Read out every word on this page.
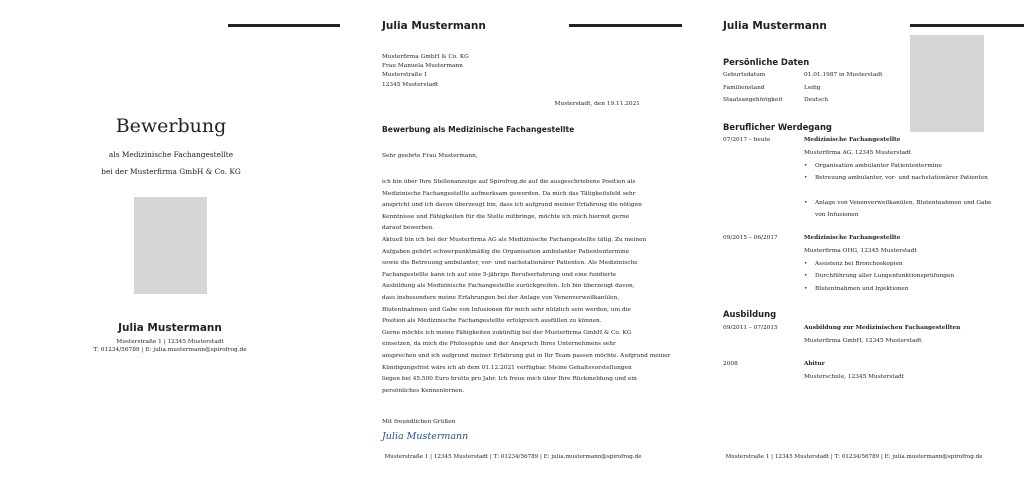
Bewerbung
als Medizinische Fachangestellte
bei der Musterfirma GmbH & Co. KG
Julia Mustermann
Musterstraße 1 | 12345 Musterstadt
T: 01234/56789 | E: julia.mustermann@spirofrog.de
Julia Mustermann
Musterfirma GmbH & Co. KG
Frau Manuela Mustermann
Musterstraße 1
12345 Musterstadt
Musterstadt, den 19.11.2021
Bewerbung als Medizinische Fachangestellte
Sehr geehrte Frau Mustermann,
ich bin über Ihre Stellenanzeige auf Spirofrog.de auf die ausgeschriebene Position als
Medizinische Fachangestellte aufmerksam geworden. Da mich das Tätigkeitsfeld sehr
anspricht und ich davon überzeugt bin, dass ich aufgrund meiner Erfahrung die nötigen
Kenntnisse und Fähigkeiten für die Stelle mitbringe, möchte ich mich hiermit gerne
darauf bewerben.
Aktuell bin ich bei der Musterfirma AG als Medizinische Fachangestellte tätig. Zu meinen
Aufgaben gehört schwerpunktmäßig die Organisation ambulanter Patiententermine
sowie die Betreuung ambulanter, vor- und nachstationärer Patienten. Als Medizinische
Fachangestellte kann ich auf eine 5-jährige Berufserfahrung und eine fundierte
Ausbildung als Medizinische Fachangestellte zurückgreifen. Ich bin überzeugt davon,
dass insbesondere meine Erfahrungen bei der Anlage von Venenverweilkanülen,
Blutentnahmen und Gabe von Infusionen für mich sehr nützlich sein werden, um die
Position als Medizinische Fachangestellte erfolgreich ausfüllen zu können.
Gerne möchte ich meine Fähigkeiten zukünftig bei der Musterfirma GmbH & Co. KG
einsetzen, da mich die Philosophie und der Anspruch Ihres Unternehmens sehr
ansprechen und ich aufgrund meiner Erfahrung gut in Ihr Team passen möchte. Aufgrund meiner
Kündigungsfrist wäre ich ab dem 01.12.2021 verfügbar. Meine Gehaltsvorstellungen
liegen bei 45.500 Euro brutto pro Jahr. Ich freue mich über Ihre Rückmeldung und ein
persönliches Kennenlernen.
Mit freundlichen Grüßen
Julia Mustermann
Musterstraße 1 | 12345 Musterstadt | T: 01234/56789 | E: julia.mustermann@spirofrog.de
Julia Mustermann
Persönliche Daten
Geburtsdatum	01.01.1987 in Musterstadt
Familienstand	Ledig
Staatsangehörigkeit	Deutsch
Beruflicher Werdegang
07/2017 – heute	Medizinische Fachangestellte
Musterfirma AG, 12345 Musterstadt
• Organisation ambulanter Patiententermine
• Betreuung ambulanter, vor- und nachstationärer Patienten
• Anlage von Venenverweilkanülen, Blutentnahmen und Gabe von Infusionen
09/2015 – 06/2017	Medizinische Fachangestellte
Musterfirma OHG, 12345 Musterstadt
• Assistenz bei Bronchoskopien
• Durchführung aller Lungenfunktionsprüfungen
• Blutentnahmen und Injektionen
Ausbildung
09/2011 – 07/2015	Ausbildung zur Medizinischen Fachangestellten
Musterfirma GmbH, 12345 Musterstadt
2008	Abitur
Musterschule, 12345 Musterstadt
Musterstraße 1 | 12345 Musterstadt | T: 01234/56789 | E: julia.mustermann@spirofrog.de
